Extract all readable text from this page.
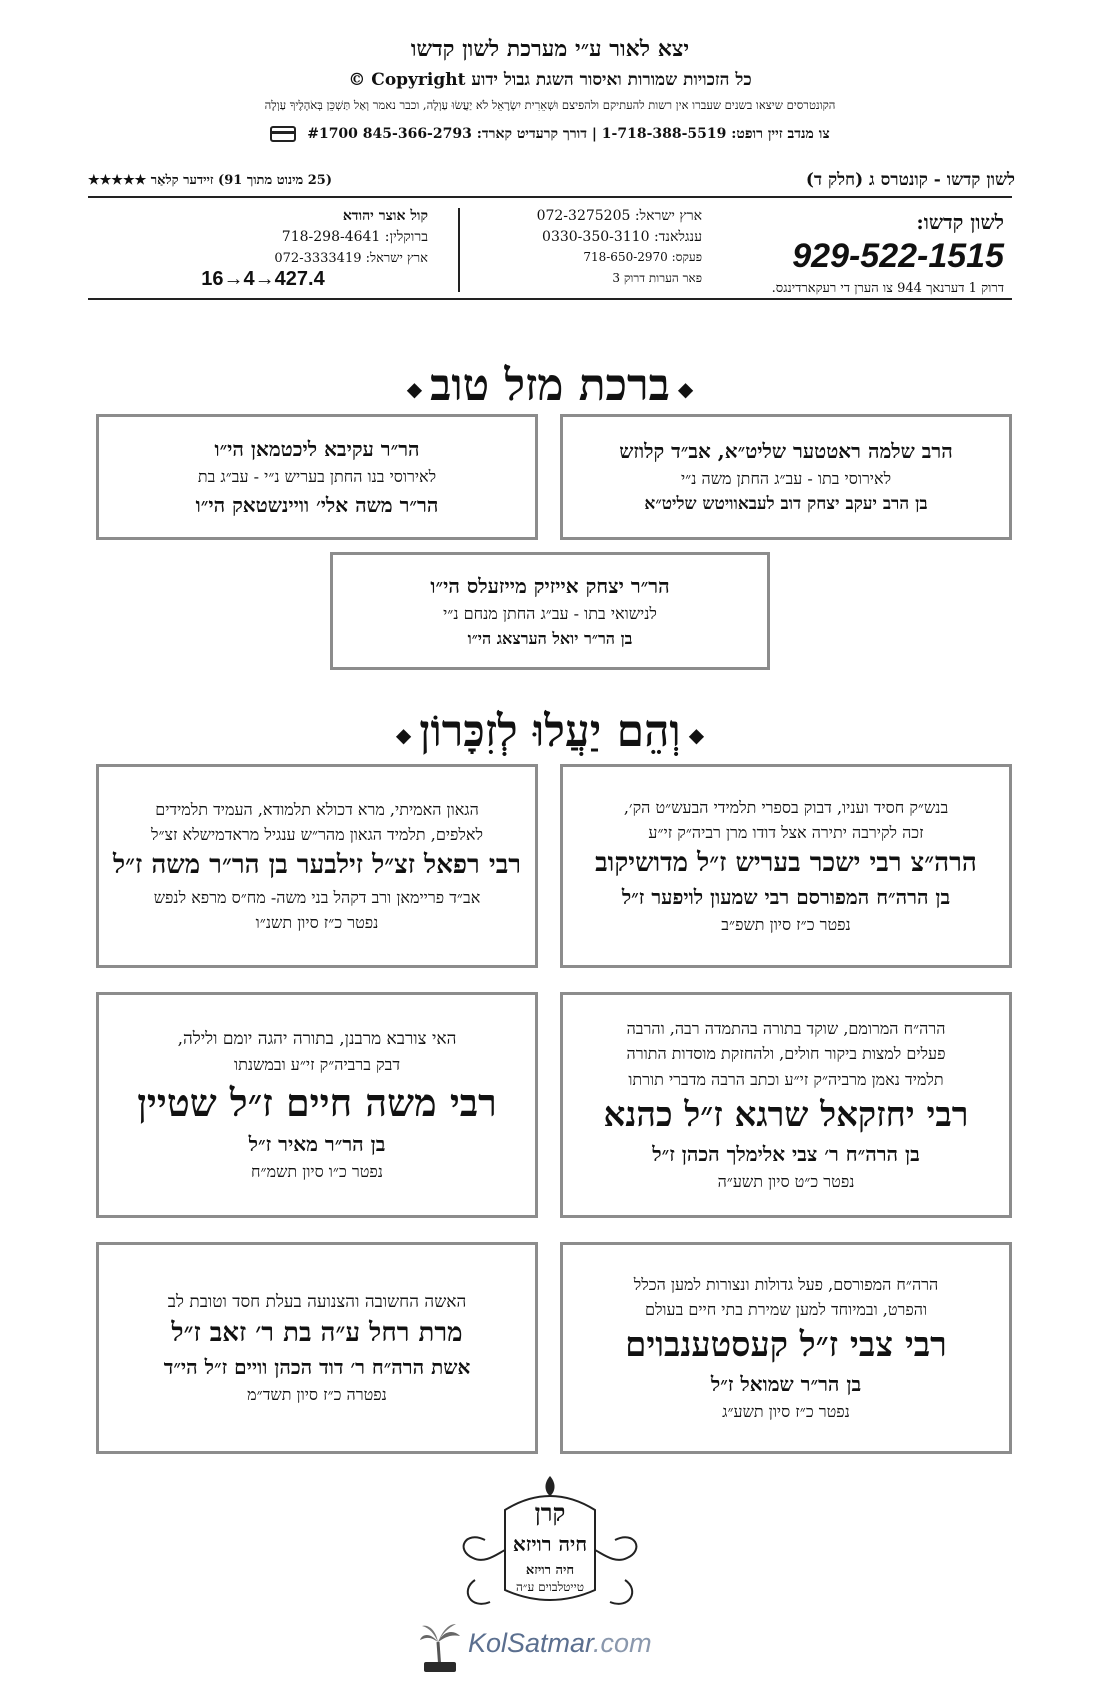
יצא לאור ע״י מערכת לשון קדשו
כל הזכויות שמורות ואיסור השגת גבול ידוע Copyright ©
הקונטרסים שיצאו בשנים שעברו אין רשות להעתיקם ולהפיצם וּשְׁאֵרִית יִשְׂרָאֵל לֹא יַעֲשׂוּ עַוְלָה, וכבר נאמר וְאַל תַּשְׁכֵּן בְּאֹהָלֶיךָ עַוְלָה
צו מנדב זיין רופט: 1-718-388-5519 | דורך קרעדיט קארד: 845-366-2793 #1700
לשון קדשו - קונטרס ג (חלק ד)
(25 מינוט מתוך 91) זיידער קלאַר ★★★★★
לשון קדשו:
929-522-1515
דרוק 1 דערנאך 944 צו הערן די רעקארדינגס.
ארץ ישראל: 072-3275205
ענגלאנד: 0330-350-3110
פעקס: 718-650-2970
פאר הערות דרוק 3
קול אוצר יהודא
ברוקלין: 718-298-4641
ארץ ישראל: 072-3333419
16→4→427.4
◆ברכת מזל טוב◆
הרב שלמה ראטטער שליט״א, אב״ד קלוזש
לאירוסי בתו - עב״ג החתן משה נ״י
בן הרב יעקב יצחק דוב לעבאוויטש שליט״א
הר״ר עקיבא ליכטמאן הי״ו
לאירוסי בנו החתן בעריש נ״י - עב״ג בת
הר״ר משה אלי׳ וויינשטאק הי״ו
הר״ר יצחק אייזיק מייזעלס הי״ו
לנישואי בתו - עב״ג החתן מנחם נ״י
בן הר״ר יואל הערצאג הי״ו
◆וְהֵם יַעֲלוּ לְזִכָּרוֹן◆
בנש״ק חסיד ועניו, דבוק בספרי תלמידי הבעש״ט הק׳,
זכה לקירבה יתירה אצל דודו מרן רביה״ק זי״ע
הרה״צ רבי ישכר בעריש ז״ל מדושיקוב
בן הרה״ח המפורסם רבי שמעון לויפער ז״ל
נפטר כ״ז סיון תשפ״ב
הגאון האמיתי, מרא דכולא תלמודא, העמיד תלמידים
לאלפים, תלמיד הגאון מהר״ש ענגיל מראדמישלא זצ״ל
רבי רפאל זצ״ל זילבער בן הר״ר משה ז״ל
אב״ד פריימאן ורב דקהל בני משה- מח״ס מרפא לנפש
נפטר כ״ז סיון תשנ״ו
הרה״ח המרומם, שוקד בתורה בהתמדה רבה, והרבה
פעלים למצות ביקור חולים, ולהחזקת מוסדות התורה
תלמיד נאמן מרביה״ק זי״ע וכתב הרבה מדברי תורתו
רבי יחזקאל שרגא ז״ל כהנא
בן הרה״ח ר׳ צבי אלימלך הכהן ז״ל
נפטר כ״ט סיון תשע״ה
האי צורבא מרבנן, בתורה יהגה יומם ולילה,
דבק ברביה״ק זי״ע ובמשנתו
רבי משה חיים ז״ל שטיין
בן הר״ר מאיר ז״ל
נפטר כ״ו סיון תשמ״ח
הרה״ח המפורסם, פעל גדולות ונצורות למען הכלל
והפרט, ובמיוחד למען שמירת בתי חיים בעולם
רבי צבי ז״ל קעסטענבוים
בן הר״ר שמואל ז״ל
נפטר כ״ז סיון תשע״ג
האשה החשובה והצנועה בעלת חסד וטובת לב
מרת רחל ע״ה בת ר׳ זאב ז״ל
אשת הרה״ח ר׳ דוד הכהן וויים ז״ל הי״ד
נפטרה כ״ז סיון תשד״מ
קרן
חיה רויזא
חיה רויזא
טייטלבוים ע״ה
KolSatmar.com
